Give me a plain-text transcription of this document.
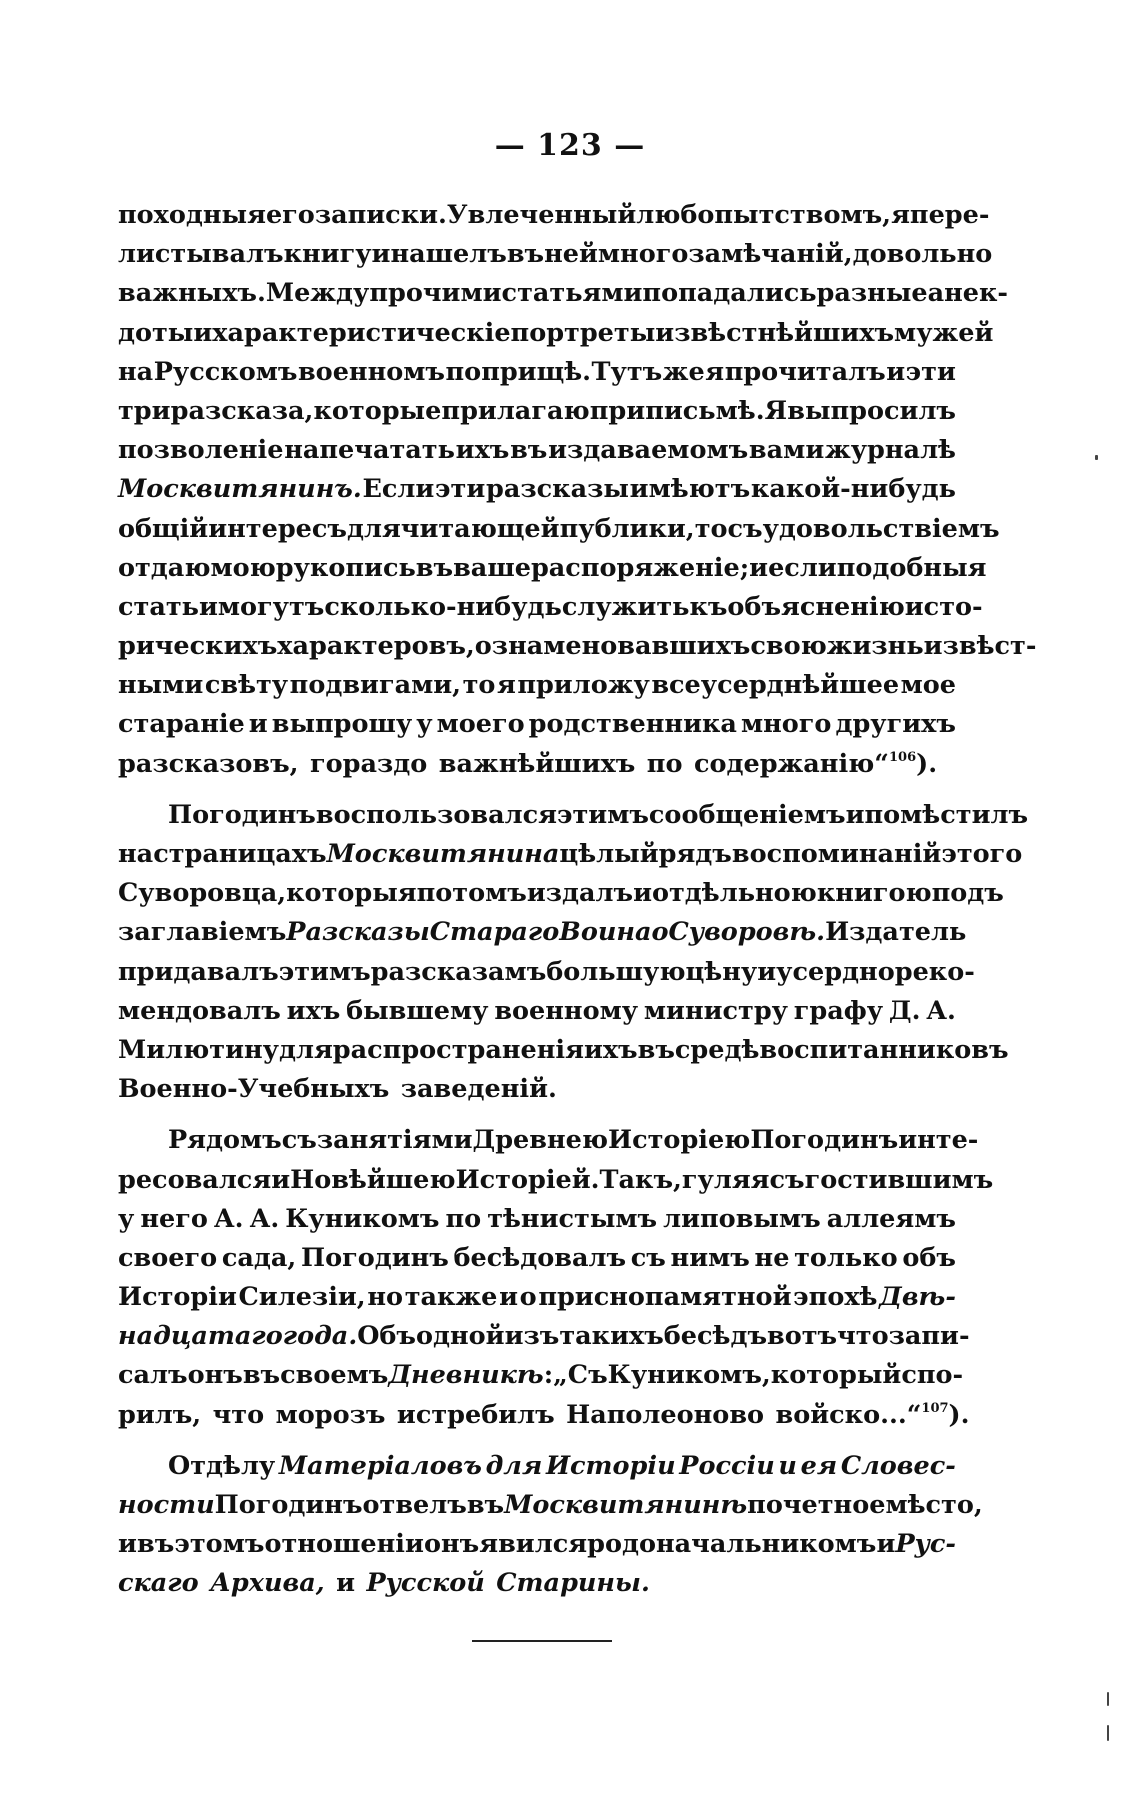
— 123 —
походныя его записки. Увлеченный любопытствомъ, я пере-
листывалъ книгу и нашелъ въ ней много замѣчаній, довольно
важныхъ. Между прочими статьями попадались разные анек-
доты и характеристическіе портреты извѣстнѣйшихъ мужей
на Русскомъ военномъ поприщѣ. Тутъ же я прочиталъ и эти
три разсказа, которые прилагаю при письмѣ. Я выпросилъ
позволеніе напечатать ихъ въ издаваемомъ вами журналѣ
Москвитянинъ. Если эти разсказы имѣютъ какой-нибудь
общій интересъ для читающей публики, то съ удовольствіемъ
отдаю мою рукопись въ ваше распоряженіе; и если подобныя
статьи могутъ сколько-нибудь служить къ объясненію исто-
рическихъ характеровъ, ознаменовавшихъ свою жизнь извѣст-
ными свѣту подвигами, то я приложу всеусерднѣйшее мое
стараніе и выпрошу у моего родственника много другихъ
разсказовъ, гораздо важнѣйшихъ по содержанію“$^{106}$).
Погодинъ воспользовался этимъ сообщеніемъ и помѣстилъ
на страницахъ Москвитянина цѣлый рядъ воспоминаній этого
Суворовца, которыя потомъ издалъ и отдѣльною книгою подъ
заглавіемъ Разсказы Стараго Воина о Суворовѣ. Издатель
придавалъ этимъ разсказамъ большую цѣну и усердно реко-
мендовалъ ихъ бывшему военному министру графу Д. А.
Милютину для распространенія ихъ въ средѣ воспитанниковъ
Военно-Учебныхъ заведеній.
Рядомъ съ занятіями Древнею Исторіею Погодинъ инте-
ресовался и Новѣйшею Исторіей. Такъ, гуляя съ гостившимъ
у него А. А. Куникомъ по тѣнистымъ липовымъ аллеямъ
своего сада, Погодинъ бесѣдовалъ съ нимъ не только объ
Исторіи Силезіи, но также и о приснопамятной эпохѣ Двѣ-
надцатаго года. Объ одной изъ такихъ бесѣдъ вотъ что запи-
салъ онъ въ своемъ Дневникѣ: „Съ Куникомъ, который спо-
рилъ, что морозъ истребилъ Наполеоново войско...“$^{107}$).
Отдѣлу Матеріаловъ для Исторіи Россіи и ея Словес-
ности Погодинъ отвелъ въ Москвитянинѣ почетное мѣсто,
и въ этомъ отношеніи онъ явился родоначальникомъ и Рус-
скаго Архива, и Русской Старины.
